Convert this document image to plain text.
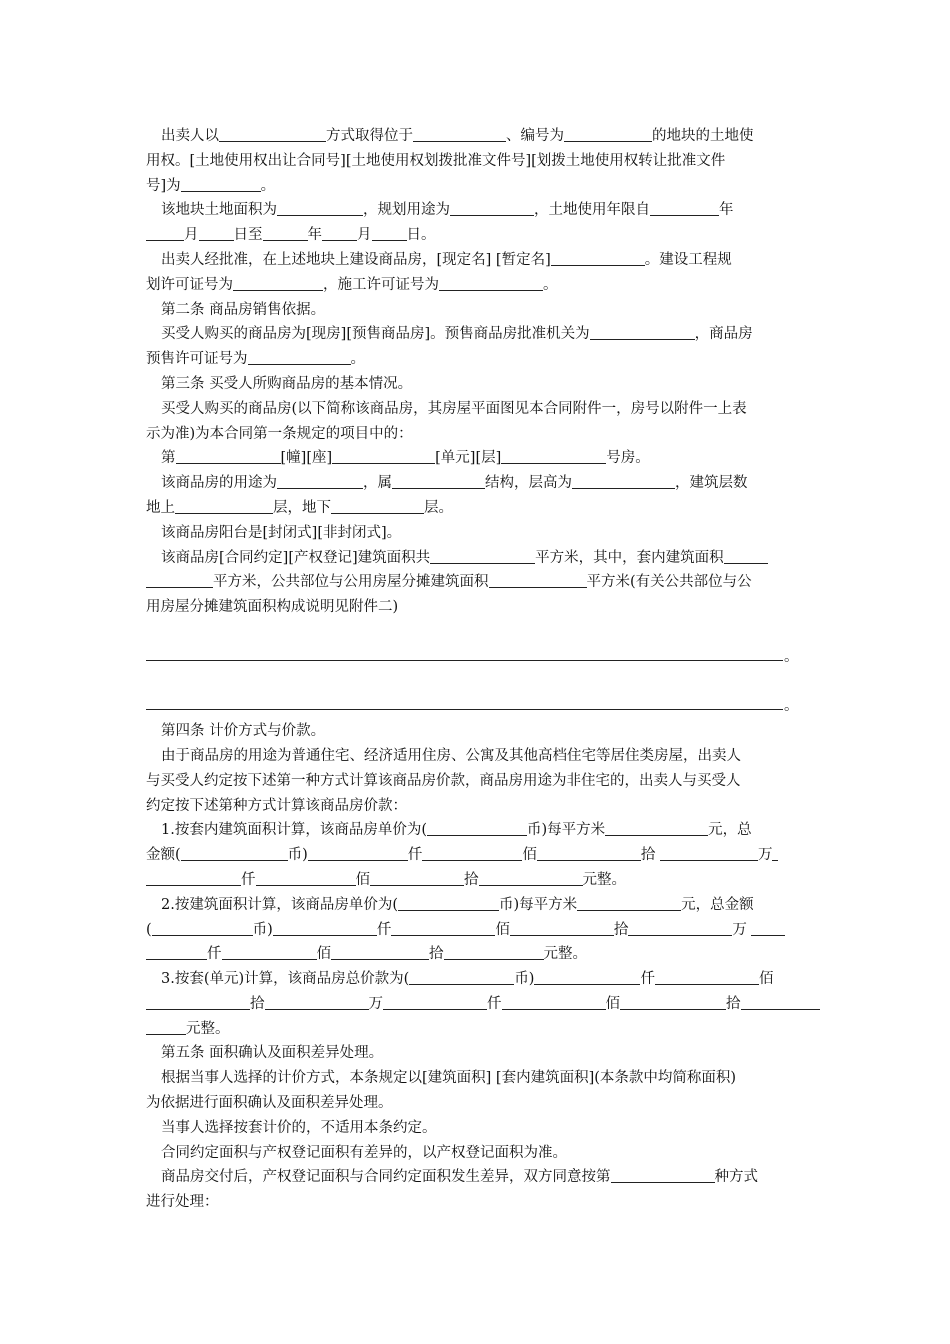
出卖人以	方式取得位于	、编号为	的地块的土地使
用权。[土地使用权出让合同号][土地使用权划拨批准文件号][划拨土地使用权转让批准文件
号]为	。
该地块土地面积为	，规划用途为	，土地使用年限自	年
月 日至	年 月 日。
出卖人经批准，在上述地块上建设商品房，[现定名] [暂定名]	。建设工程规
划许可证号为	，施工许可证号为	。
第二条 商品房销售依据。
买受人购买的商品房为[现房][预售商品房]。预售商品房批准机关为	，商品房
预售许可证号为	。
第三条 买受人所购商品房的基本情况。
买受人购买的商品房(以下简称该商品房，其房屋平面图见本合同附件一，房号以附件一上表
示为准)为本合同第一条规定的项目中的：
第	[幢][座]	[单元][层]	号房。
该商品房的用途为	，属	结构，层高为	，建筑层数
地上	层，地下	层。
该商品房阳台是[封闭式][非封闭式]。
该商品房[合同约定][产权登记]建筑面积共	平方米，其中，套内建筑面积
平方米，公共部位与公用房屋分摊建筑面积	平方米(有关公共部位与公
用房屋分摊建筑面积构成说明见附件二)
。
。
第四条 计价方式与价款。
由于商品房的用途为普通住宅、经济适用住房、公寓及其他高档住宅等居住类房屋，出卖人
与买受人约定按下述第一种方式计算该商品房价款，商品房用途为非住宅的，出卖人与买受人
约定按下述第种方式计算该商品房价款：
1.按套内建筑面积计算，该商品房单价为(	币)每平方米	元，总
金额(	币)	仟	佰	拾	万
仟	佰	拾	元整。
2.按建筑面积计算，该商品房单价为(	币)每平方米	元，总金额
(	币)	仟	佰	拾	万
仟	佰	拾	元整。
3.按套(单元)计算，该商品房总价款为(	币)	仟	佰
拾	万	仟	佰	拾
元整。
第五条 面积确认及面积差异处理。
根据当事人选择的计价方式，本条规定以[建筑面积] [套内建筑面积](本条款中均简称面积)
为依据进行面积确认及面积差异处理。
当事人选择按套计价的，不适用本条约定。
合同约定面积与产权登记面积有差异的，以产权登记面积为准。
商品房交付后，产权登记面积与合同约定面积发生差异，双方同意按第	种方式
进行处理：
